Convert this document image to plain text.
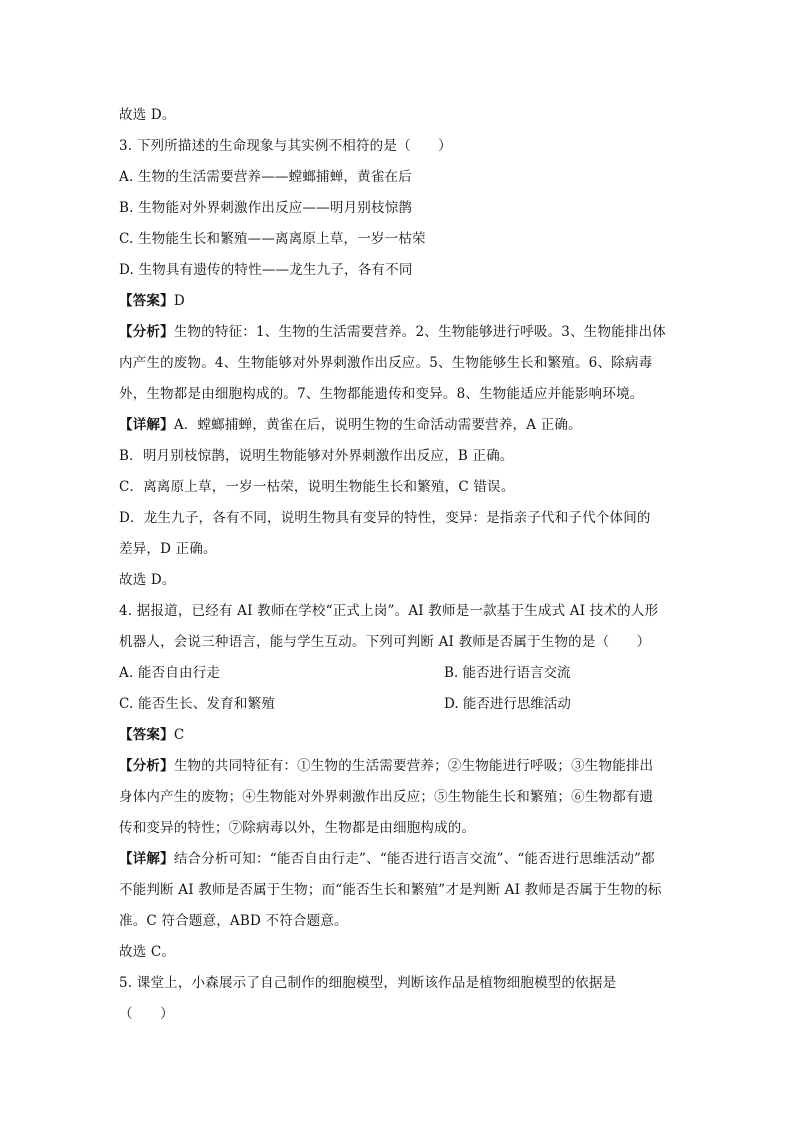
故选 D。
3. 下列所描述的生命现象与其实例不相符的是（　　）
A. 生物的生活需要营养——螳螂捕蝉，黄雀在后
B. 生物能对外界刺激作出反应——明月别枝惊鹊
C. 生物能生长和繁殖——离离原上草，一岁一枯荣
D. 生物具有遗传的特性——龙生九子，各有不同
【答案】D
【分析】生物的特征：1、生物的生活需要营养。2、生物能够进行呼吸。3、生物能排出体
内产生的废物。4、生物能够对外界刺激作出反应。5、生物能够生长和繁殖。6、除病毒
外，生物都是由细胞构成的。7、生物都能遗传和变异。8、生物能适应并能影响环境。
【详解】A．螳螂捕蝉，黄雀在后，说明生物的生命活动需要营养，A 正确。
B．明月别枝惊鹊，说明生物能够对外界刺激作出反应，B 正确。
C．离离原上草，一岁一枯荣，说明生物能生长和繁殖，C 错误。
D．龙生九子，各有不同，说明生物具有变异的特性，变异：是指亲子代和子代个体间的
差异，D 正确。
故选 D。
4. 据报道，已经有 AI 教师在学校“正式上岗”。AI 教师是一款基于生成式 AI 技术的人形
机器人，会说三种语言，能与学生互动。下列可判断 AI 教师是否属于生物的是（　　）
A. 能否自由行走	B. 能否进行语言交流
C. 能否生长、发育和繁殖	D. 能否进行思维活动
【答案】C
【分析】生物的共同特征有：①生物的生活需要营养；②生物能进行呼吸；③生物能排出
身体内产生的废物；④生物能对外界刺激作出反应；⑤生物能生长和繁殖；⑥生物都有遗
传和变异的特性；⑦除病毒以外，生物都是由细胞构成的。
【详解】结合分析可知：“能否自由行走”、“能否进行语言交流”、“能否进行思维活动”都
不能判断 AI 教师是否属于生物；而“能否生长和繁殖”才是判断 AI 教师是否属于生物的标
准。C 符合题意，ABD 不符合题意。
故选 C。
5. 课堂上，小森展示了自己制作的细胞模型，判断该作品是植物细胞模型的依据是
（　　）
